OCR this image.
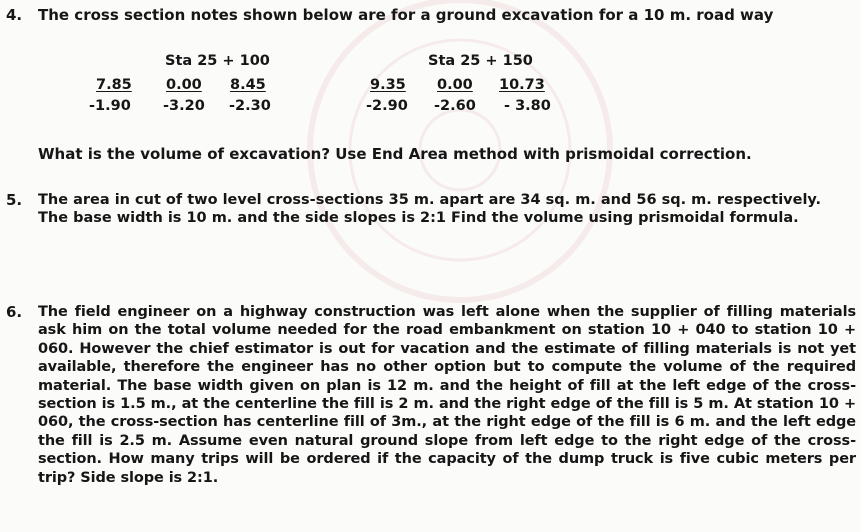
4. The cross section notes shown below are for a ground excavation for a 10 m. road way
Sta 25 + 100	Sta 25 + 150
7.85 0.00 8.45
-1.90 -3.20 -2.30
9.35 0.00 10.73
-2.90 -2.60 - 3.80
What is the volume of excavation? Use End Area method with prismoidal correction.
5. The area in cut of two level cross-sections 35 m. apart are 34 sq. m. and 56 sq. m. respectively. The base width is 10 m. and the side slopes is 2:1 Find the volume using prismoidal formula.

6. The field engineer on a highway construction was left alone when the supplier of filling materials ask him on the total volume needed for the road embankment on station 10 + 040 to station 10 + 060. However the chief estimator is out for vacation and the estimate of filling materials is not yet available, therefore the engineer has no other option but to compute the volume of the required material. The base width given on plan is 12 m. and the height of fill at the left edge of the cross-section is 1.5 m., at the centerline the fill is 2 m. and the right edge of the fill is 5 m. At station 10 + 060, the cross-section has centerline fill of 3m., at the right edge of the fill is 6 m. and the left edge the fill is 2.5 m. Assume even natural ground slope from left edge to the right edge of the cross-section. How many trips will be ordered if the capacity of the dump truck is five cubic meters per trip? Side slope is 2:1.
